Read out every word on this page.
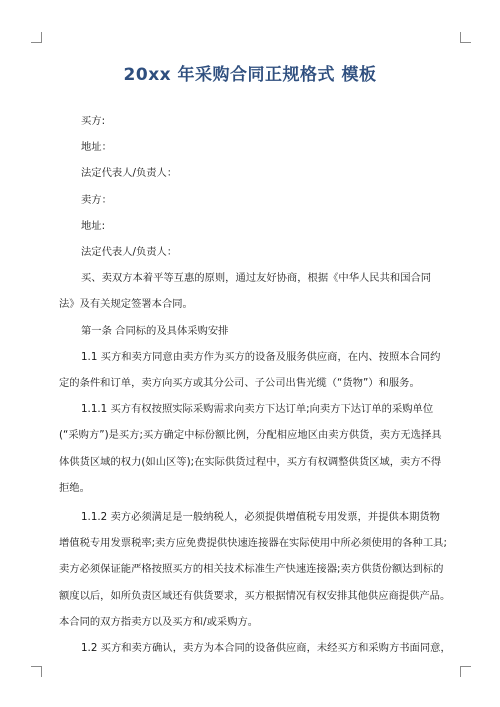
20xx 年采购合同正规格式 模板

买方:

地址：

法定代表人/负责人：

卖方：

地址:

法定代表人/负责人：

买、卖双方本着平等互惠的原则，通过友好协商，根据《中华人民共和国合同

法》及有关规定签署本合同。

第一条 合同标的及具体采购安排

1.1 买方和卖方同意由卖方作为买方的设备及服务供应商，在内、按照本合同约

定的条件和订单，卖方向买方或其分公司、子公司出售光缆（“货物”）和服务。

1.1.1 买方有权按照实际采购需求向卖方下达订单;向卖方下达订单的采购单位

(“采购方”)是买方;买方确定中标份额比例，分配相应地区由卖方供货，卖方无选择具

体供货区域的权力(如山区等);在实际供货过程中，买方有权调整供货区域，卖方不得

拒绝。

1.1.2 卖方必须满足是一般纳税人，必须提供增值税专用发票，并提供本期货物

增值税专用发票税率;卖方应免费提供快速连接器在实际使用中所必须使用的各种工具;

卖方必须保证能严格按照买方的相关技术标准生产快速连接器;卖方供货份额达到标的

额度以后，如所负责区域还有供货要求，买方根据情况有权安排其他供应商提供产品。

本合同的双方指卖方以及买方和/或采购方。

1.2 买方和卖方确认，卖方为本合同的设备供应商，未经买方和采购方书面同意，
